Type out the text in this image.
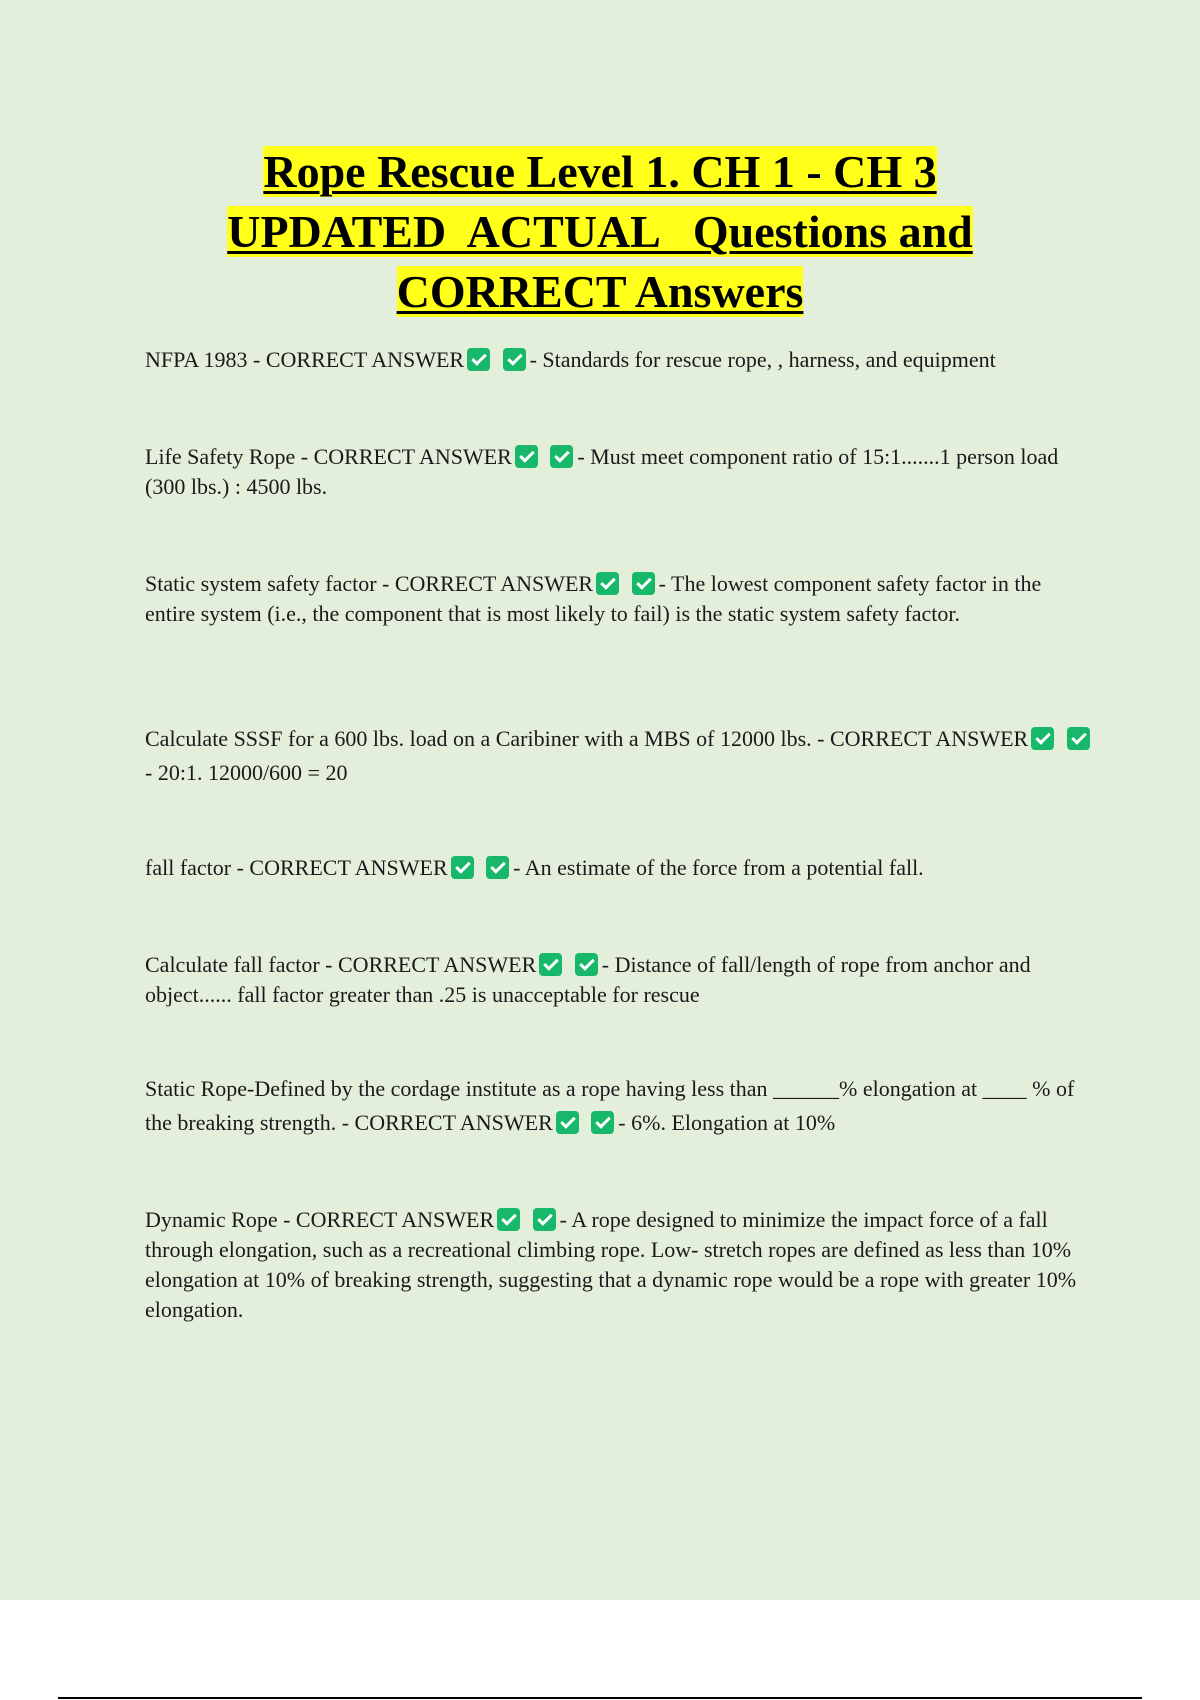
Rope Rescue Level 1. CH 1 - CH 3
UPDATED  ACTUAL   Questions and
CORRECT Answers

NFPA 1983 - CORRECT ANSWER	- Standards for rescue rope, , harness, and equipment

Life Safety Rope - CORRECT ANSWER	- Must meet component ratio of 15:1.......1 person load (300 lbs.) : 4500 lbs.

Static system safety factor - CORRECT ANSWER	- The lowest component safety factor in the entire system (i.e., the component that is most likely to fail) is the static system safety factor.

Calculate SSSF for a 600 lbs. load on a Caribiner with a MBS of 12000 lbs. - CORRECT ANSWER - 20:1. 12000/600 = 20

fall factor - CORRECT ANSWER	- An estimate of the force from a potential fall.

Calculate fall factor - CORRECT ANSWER	- Distance of fall/length of rope from anchor and object...... fall factor greater than .25 is unacceptable for rescue

Static Rope-Defined by the cordage institute as a rope having less than ______% elongation at ____ % of the breaking strength. - CORRECT ANSWER	- 6%. Elongation at 10%

Dynamic Rope - CORRECT ANSWER	- A rope designed to minimize the impact force of a fall through elongation, such as a recreational climbing rope. Low- stretch ropes are defined as less than 10% elongation at 10% of breaking strength, suggesting that a dynamic rope would be a rope with greater 10% elongation.
